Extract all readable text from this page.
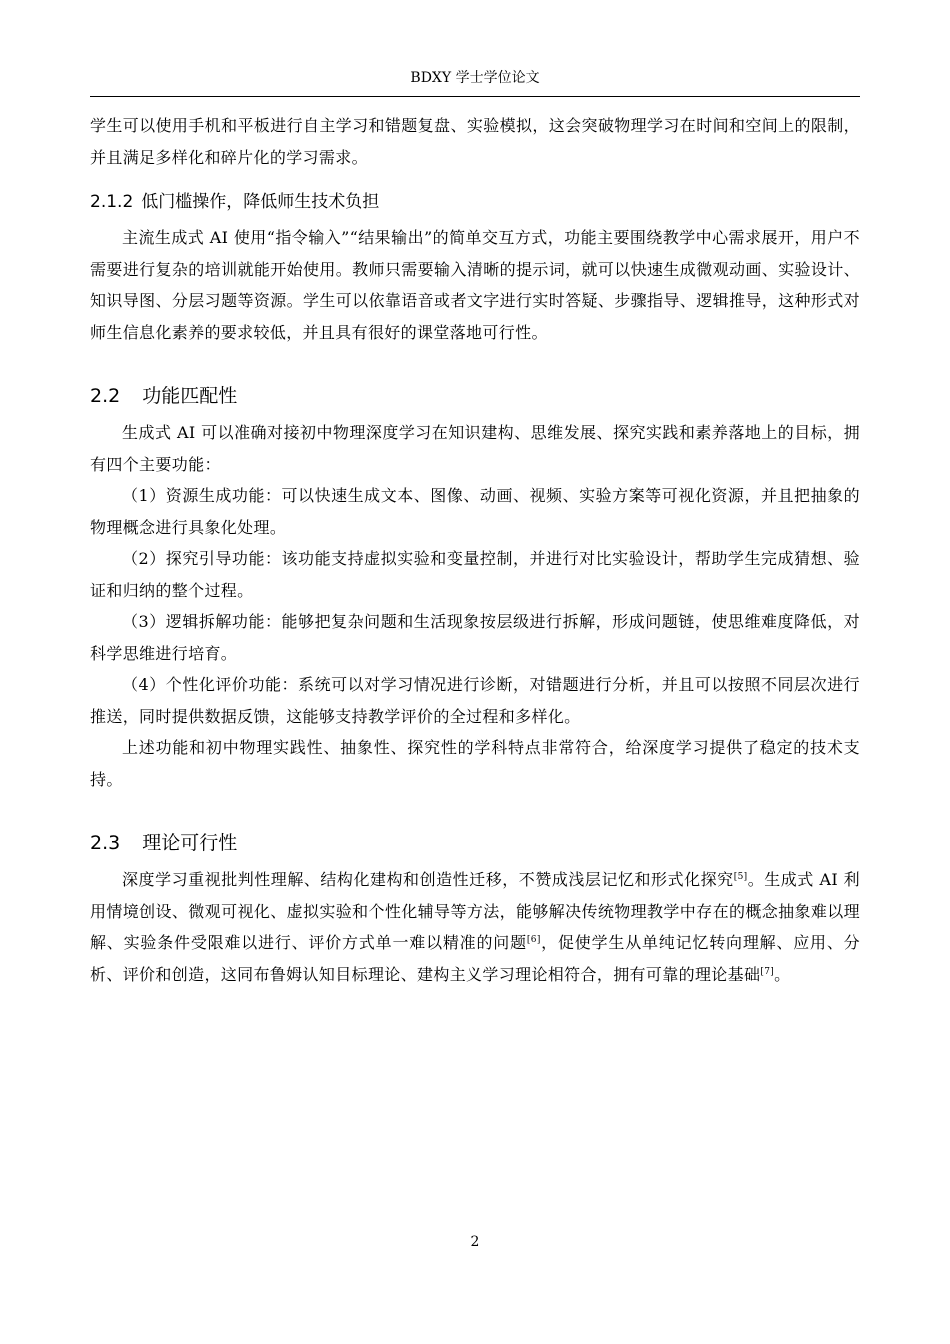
BDXY 学士学位论文

学生可以使用手机和平板进行自主学习和错题复盘、实验模拟，这会突破物理学习在时间和空间上的限制，并且满足多样化和碎片化的学习需求。

2.1.2 低门槛操作，降低师生技术负担

主流生成式 AI 使用“指令输入”“结果输出”的简单交互方式，功能主要围绕教学中心需求展开，用户不需要进行复杂的培训就能开始使用。教师只需要输入清晰的提示词，就可以快速生成微观动画、实验设计、知识导图、分层习题等资源。学生可以依靠语音或者文字进行实时答疑、步骤指导、逻辑推导，这种形式对师生信息化素养的要求较低，并且具有很好的课堂落地可行性。

2.2 功能匹配性

生成式 AI 可以准确对接初中物理深度学习在知识建构、思维发展、探究实践和素养落地上的目标，拥有四个主要功能：

（1）资源生成功能：可以快速生成文本、图像、动画、视频、实验方案等可视化资源，并且把抽象的物理概念进行具象化处理。

（2）探究引导功能：该功能支持虚拟实验和变量控制，并进行对比实验设计，帮助学生完成猜想、验证和归纳的整个过程。

（3）逻辑拆解功能：能够把复杂问题和生活现象按层级进行拆解，形成问题链，使思维难度降低，对科学思维进行培育。

（4）个性化评价功能：系统可以对学习情况进行诊断，对错题进行分析，并且可以按照不同层次进行推送，同时提供数据反馈，这能够支持教学评价的全过程和多样化。

上述功能和初中物理实践性、抽象性、探究性的学科特点非常符合，给深度学习提供了稳定的技术支持。

2.3 理论可行性

深度学习重视批判性理解、结构化建构和创造性迁移，不赞成浅层记忆和形式化探究[5]。生成式 AI 利用情境创设、微观可视化、虚拟实验和个性化辅导等方法，能够解决传统物理教学中存在的概念抽象难以理解、实验条件受限难以进行、评价方式单一难以精准的问题[6]，促使学生从单纯记忆转向理解、应用、分析、评价和创造，这同布鲁姆认知目标理论、建构主义学习理论相符合，拥有可靠的理论基础[7]。

2
